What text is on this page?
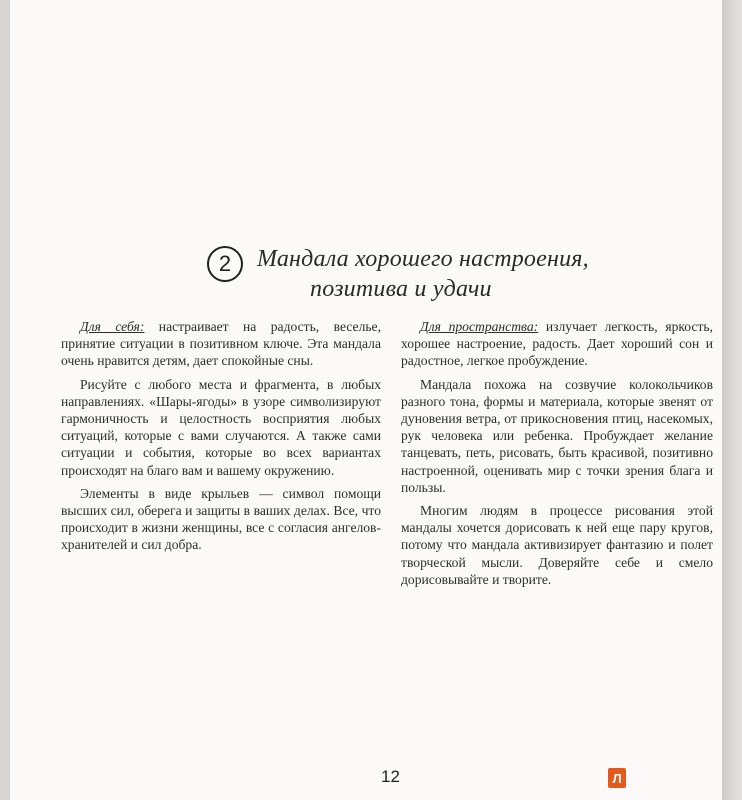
2	Мандала хорошего настроения,
позитива и удачи

Для себя: настраивает на радость, веселье, принятие ситуации в позитивном ключе. Эта мандала очень нравится детям, дает спокойные сны.

Рисуйте с любого места и фрагмента, в любых направлениях. «Шары-ягоды» в узоре символизируют гармоничность и целостность восприятия любых ситуаций, которые с вами случаются. А также сами ситуации и события, которые во всех вариантах происходят на благо вам и вашему окружению.

Элементы в виде крыльев — символ помощи высших сил, оберега и защиты в ваших делах. Все, что происходит в жизни женщины, все с согласия ангелов-хранителей и сил добра.

Для пространства: излучает легкость, яркость, хорошее настроение, радость. Дает хороший сон и радостное, легкое пробуждение.

Мандала похожа на созвучие колокольчиков разного тона, формы и материала, которые звенят от дуновения ветра, от прикосновения птиц, насекомых, рук человека или ребенка. Пробуждает желание танцевать, петь, рисовать, быть красивой, позитивно настроенной, оценивать мир с точки зрения блага и пользы.

Многим людям в процессе рисования этой мандалы хочется дорисовать к ней еще пару кругов, потому что мандала активизирует фантазию и полет творческой мысли. Доверяйте себе и смело дорисовывайте и творите.

12	Л
